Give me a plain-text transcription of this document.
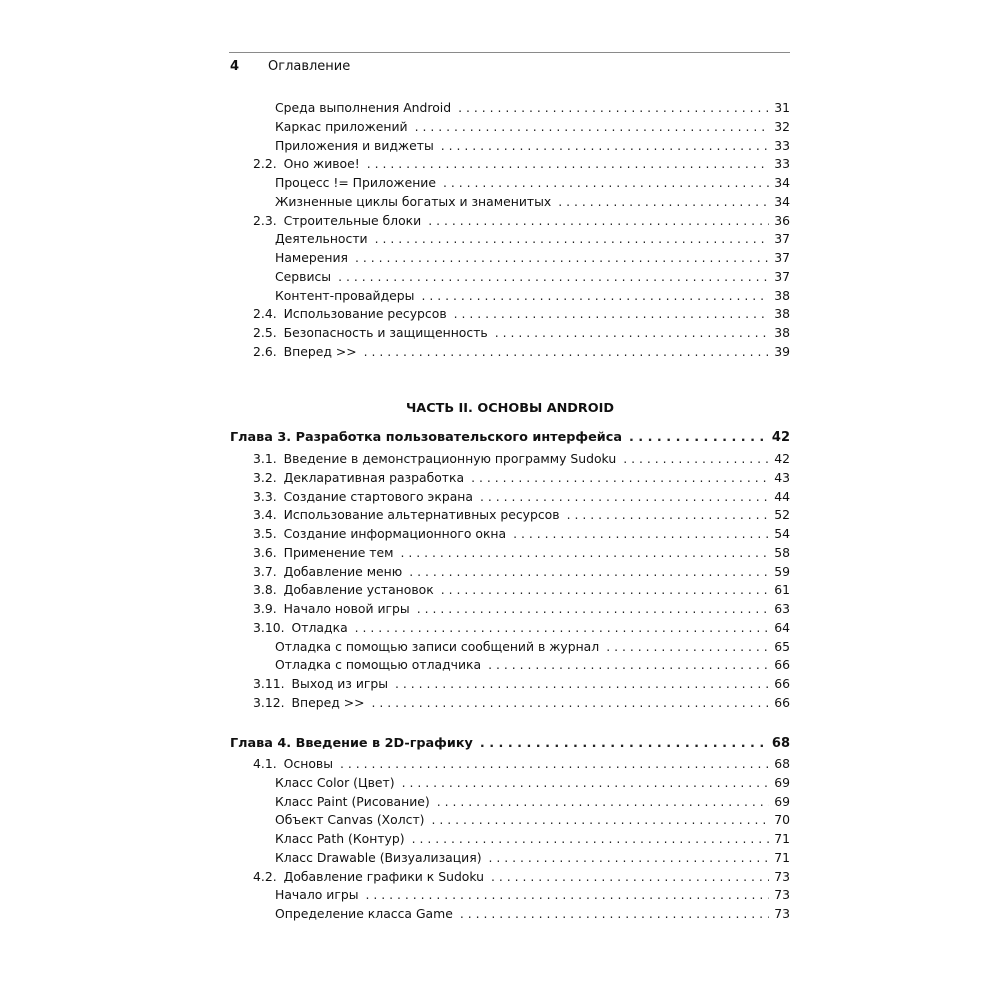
4 Оглавление
Среда выполнения Android . . .	31
Каркас приложений . . .	32
Приложения и виджеты . . .	33
2.2. Оно живое! . . .	33
Процесс != Приложение . . .	34
Жизненные циклы богатых и знаменитых . . .	34
2.3. Строительные блоки . . .	36
Деятельности . . .	37
Намерения . . .	37
Сервисы . . .	37
Контент-провайдеры . . .	38
2.4. Использование ресурсов . . .	38
2.5. Безопасность и защищенность . . .	38
2.6. Вперед >> . . .	39
ЧАСТЬ II. ОСНОВЫ ANDROID
Глава 3. Разработка пользовательского интерфейса . . .	42
3.1. Введение в демонстрационную программу Sudoku . . .	42
3.2. Декларативная разработка . . .	43
3.3. Создание стартового экрана . . .	44
3.4. Использование альтернативных ресурсов . . .	52
3.5. Создание информационного окна . . .	54
3.6. Применение тем . . .	58
3.7. Добавление меню . . .	59
3.8. Добавление установок . . .	61
3.9. Начало новой игры . . .	63
3.10. Отладка . . .	64
Отладка с помощью записи сообщений в журнал . . .	65
Отладка с помощью отладчика . . .	66
3.11. Выход из игры . . .	66
3.12. Вперед >> . . .	66
Глава 4. Введение в 2D-графику . . .	68
4.1. Основы . . .	68
Класс Color (Цвет) . . .	69
Класс Paint (Рисование) . . .	69
Объект Canvas (Холст) . . .	70
Класс Path (Контур) . . .	71
Класс Drawable (Визуализация) . . .	71
4.2. Добавление графики к Sudoku . . .	73
Начало игры . . .	73
Определение класса Game . . .	73
